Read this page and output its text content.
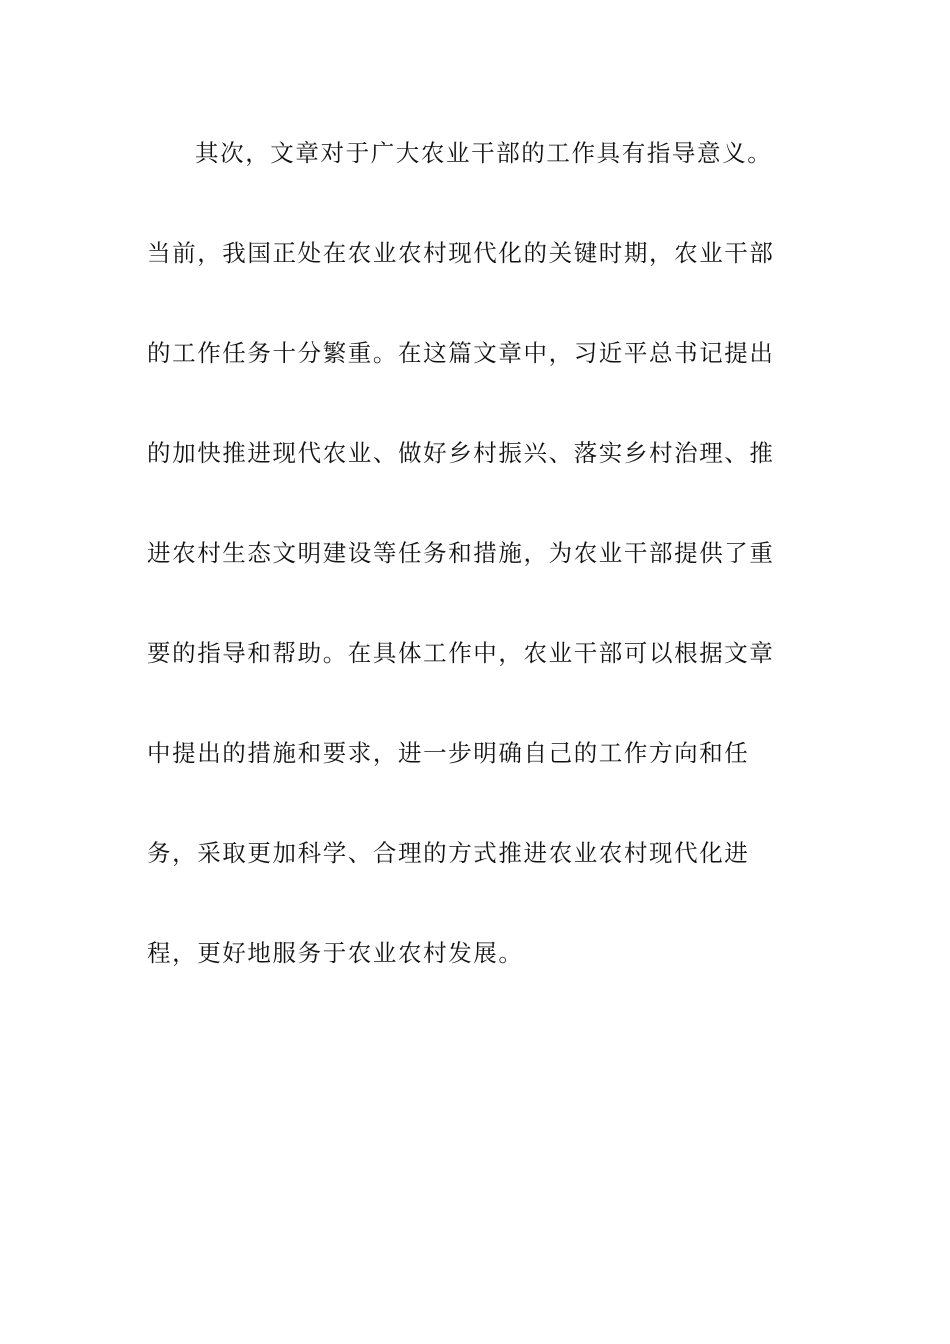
其次，文章对于广大农业干部的工作具有指导意义。
当前，我国正处在农业农村现代化的关键时期，农业干部
的工作任务十分繁重。在这篇文章中，习近平总书记提出
的加快推进现代农业、做好乡村振兴、落实乡村治理、推
进农村生态文明建设等任务和措施，为农业干部提供了重
要的指导和帮助。在具体工作中，农业干部可以根据文章
中提出的措施和要求，进一步明确自己的工作方向和任
务，采取更加科学、合理的方式推进农业农村现代化进
程，更好地服务于农业农村发展。
